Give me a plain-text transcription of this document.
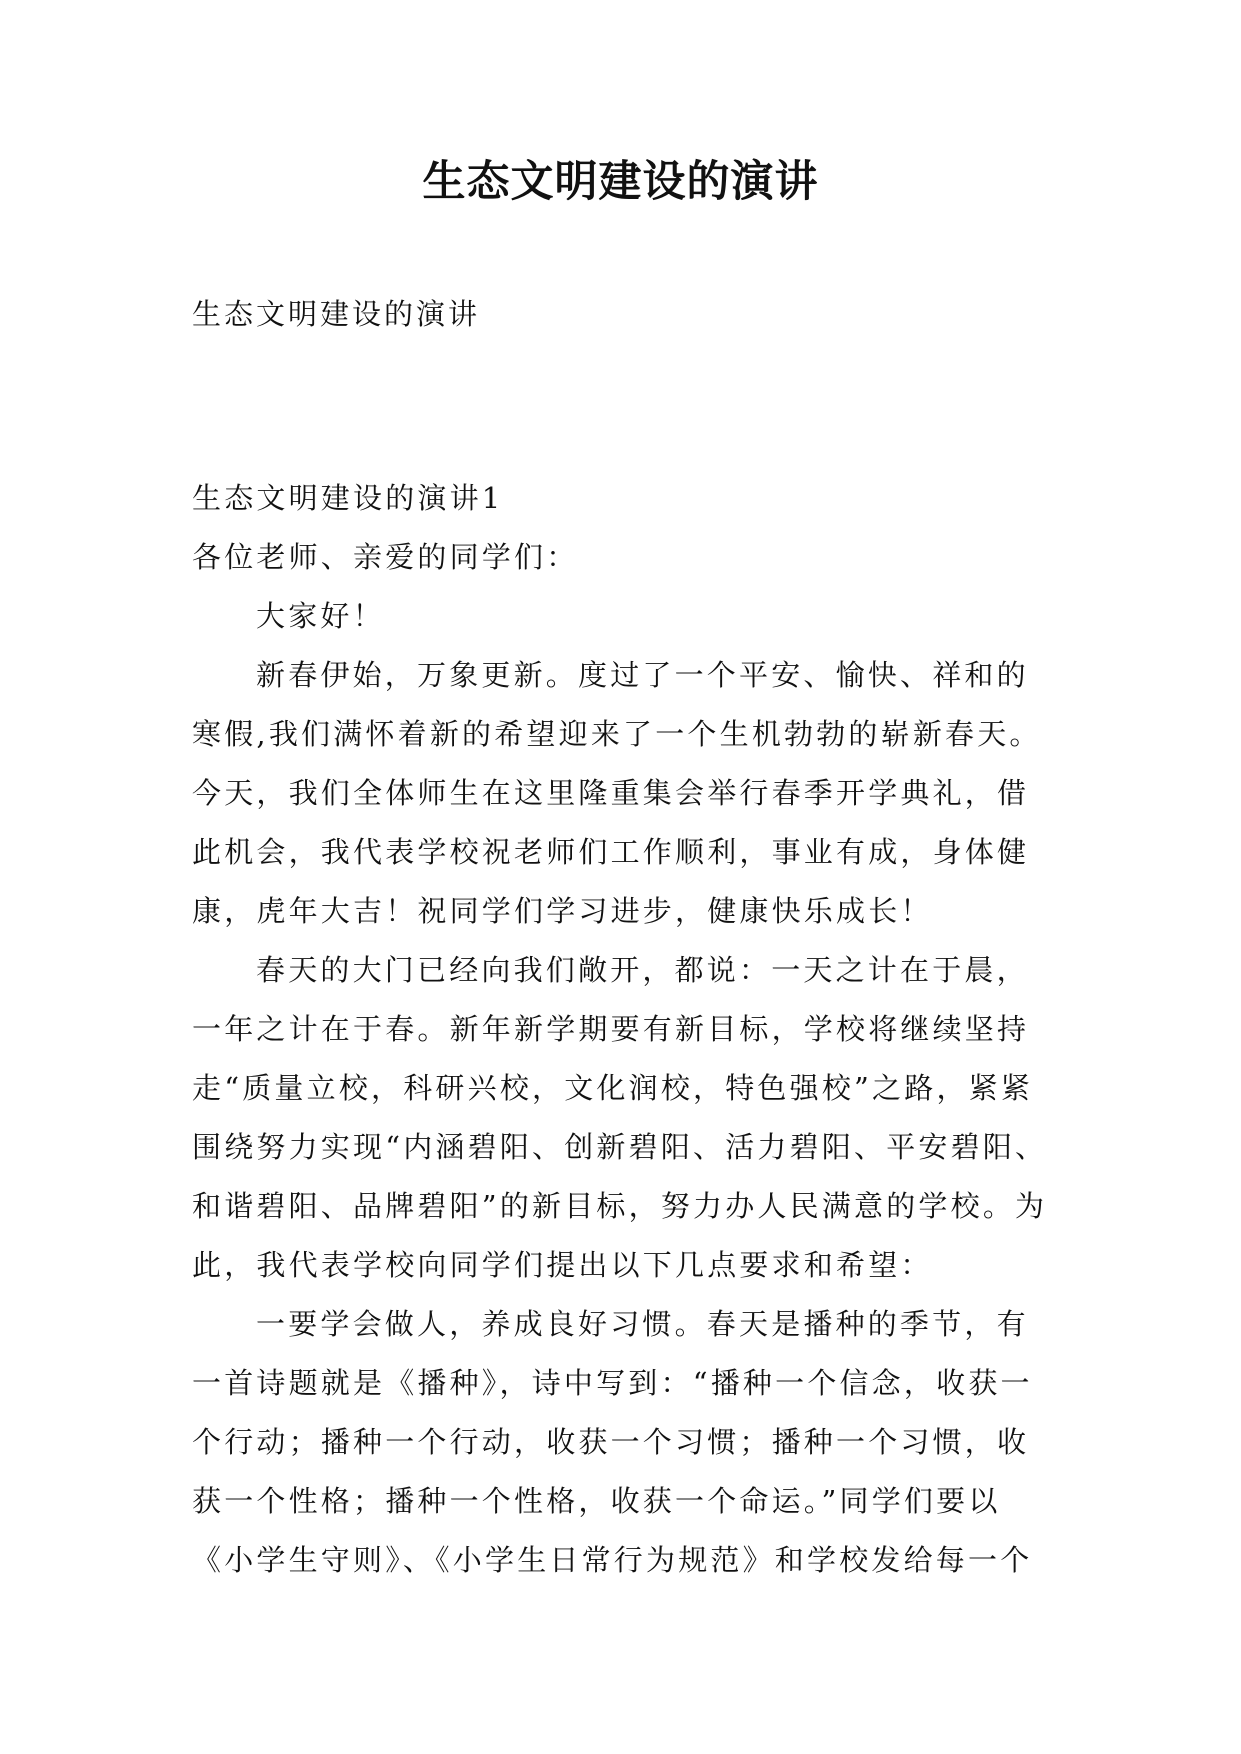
生态文明建设的演讲

生态文明建设的演讲

生态文明建设的演讲1

各位老师、亲爱的同学们：

大家好！

新春伊始，万象更新。度过了一个平安、愉快、祥和的寒假,我们满怀着新的希望迎来了一个生机勃勃的崭新春天。今天，我们全体师生在这里隆重集会举行春季开学典礼，借此机会，我代表学校祝老师们工作顺利，事业有成，身体健康，虎年大吉！祝同学们学习进步，健康快乐成长！

春天的大门已经向我们敞开，都说：一天之计在于晨，一年之计在于春。新年新学期要有新目标，学校将继续坚持走“质量立校，科研兴校，文化润校，特色强校”之路，紧紧围绕努力实现“内涵碧阳、创新碧阳、活力碧阳、平安碧阳、和谐碧阳、品牌碧阳”的新目标，努力办人民满意的学校。为此，我代表学校向同学们提出以下几点要求和希望：

一要学会做人，养成良好习惯。春天是播种的季节，有一首诗题就是《播种》，诗中写到：“播种一个信念，收获一个行动；播种一个行动，收获一个习惯；播种一个习惯，收获一个性格；播种一个性格，收获一个命运。”同学们要以《小学生守则》、《小学生日常行为规范》和学校发给每一个
